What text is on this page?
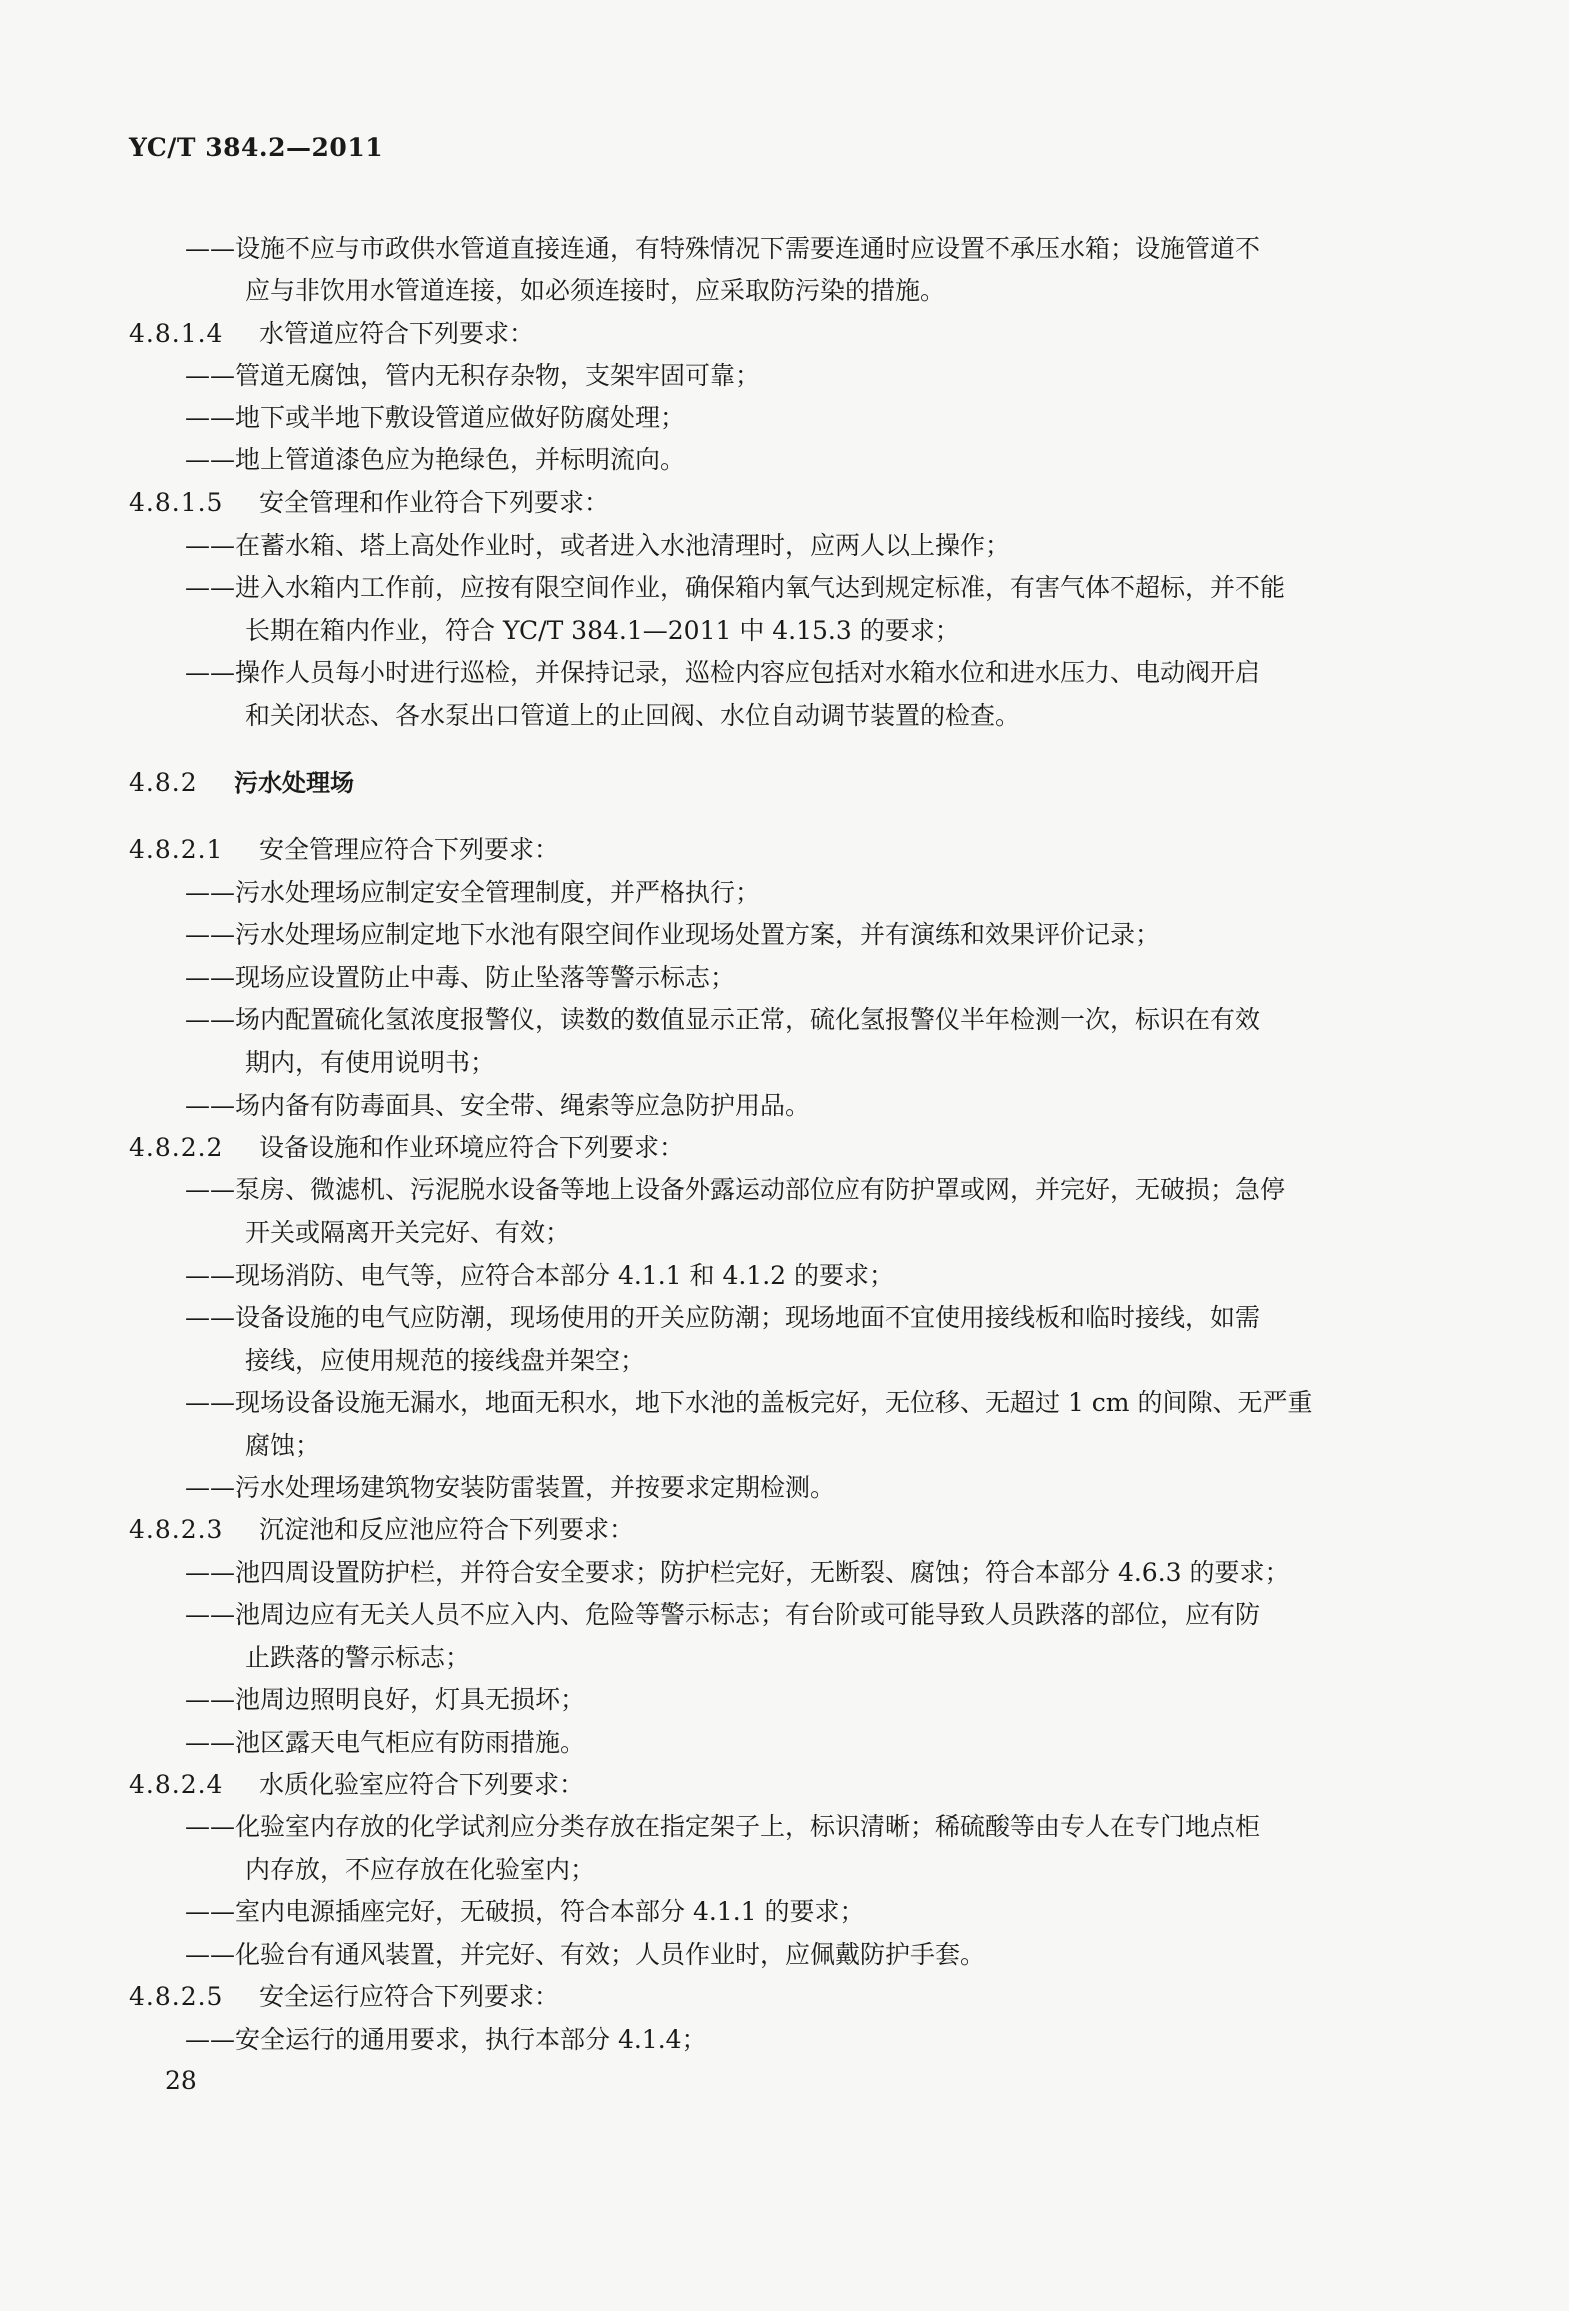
YC/T 384.2—2011
——设施不应与市政供水管道直接连通，有特殊情况下需要连通时应设置不承压水箱；设施管道不
应与非饮用水管道连接，如必须连接时，应采取防污染的措施。
4.8.1.4 水管道应符合下列要求：
——管道无腐蚀，管内无积存杂物，支架牢固可靠；
——地下或半地下敷设管道应做好防腐处理；
——地上管道漆色应为艳绿色，并标明流向。
4.8.1.5 安全管理和作业符合下列要求：
——在蓄水箱、塔上高处作业时，或者进入水池清理时，应两人以上操作；
——进入水箱内工作前，应按有限空间作业，确保箱内氧气达到规定标准，有害气体不超标，并不能
长期在箱内作业，符合 YC/T 384.1—2011 中 4.15.3 的要求；
——操作人员每小时进行巡检，并保持记录，巡检内容应包括对水箱水位和进水压力、电动阀开启
和关闭状态、各水泵出口管道上的止回阀、水位自动调节装置的检查。
4.8.2 污水处理场
4.8.2.1 安全管理应符合下列要求：
——污水处理场应制定安全管理制度，并严格执行；
——污水处理场应制定地下水池有限空间作业现场处置方案，并有演练和效果评价记录；
——现场应设置防止中毒、防止坠落等警示标志；
——场内配置硫化氢浓度报警仪，读数的数值显示正常，硫化氢报警仪半年检测一次，标识在有效
期内，有使用说明书；
——场内备有防毒面具、安全带、绳索等应急防护用品。
4.8.2.2 设备设施和作业环境应符合下列要求：
——泵房、微滤机、污泥脱水设备等地上设备外露运动部位应有防护罩或网，并完好，无破损；急停
开关或隔离开关完好、有效；
——现场消防、电气等，应符合本部分 4.1.1 和 4.1.2 的要求；
——设备设施的电气应防潮，现场使用的开关应防潮；现场地面不宜使用接线板和临时接线，如需
接线，应使用规范的接线盘并架空；
——现场设备设施无漏水，地面无积水，地下水池的盖板完好，无位移、无超过 1 cm 的间隙、无严重
腐蚀；
——污水处理场建筑物安装防雷装置，并按要求定期检测。
4.8.2.3 沉淀池和反应池应符合下列要求：
——池四周设置防护栏，并符合安全要求；防护栏完好，无断裂、腐蚀；符合本部分 4.6.3 的要求；
——池周边应有无关人员不应入内、危险等警示标志；有台阶或可能导致人员跌落的部位，应有防
止跌落的警示标志；
——池周边照明良好，灯具无损坏；
——池区露天电气柜应有防雨措施。
4.8.2.4 水质化验室应符合下列要求：
——化验室内存放的化学试剂应分类存放在指定架子上，标识清晰；稀硫酸等由专人在专门地点柜
内存放，不应存放在化验室内；
——室内电源插座完好，无破损，符合本部分 4.1.1 的要求；
——化验台有通风装置，并完好、有效；人员作业时，应佩戴防护手套。
4.8.2.5 安全运行应符合下列要求：
——安全运行的通用要求，执行本部分 4.1.4；
28
